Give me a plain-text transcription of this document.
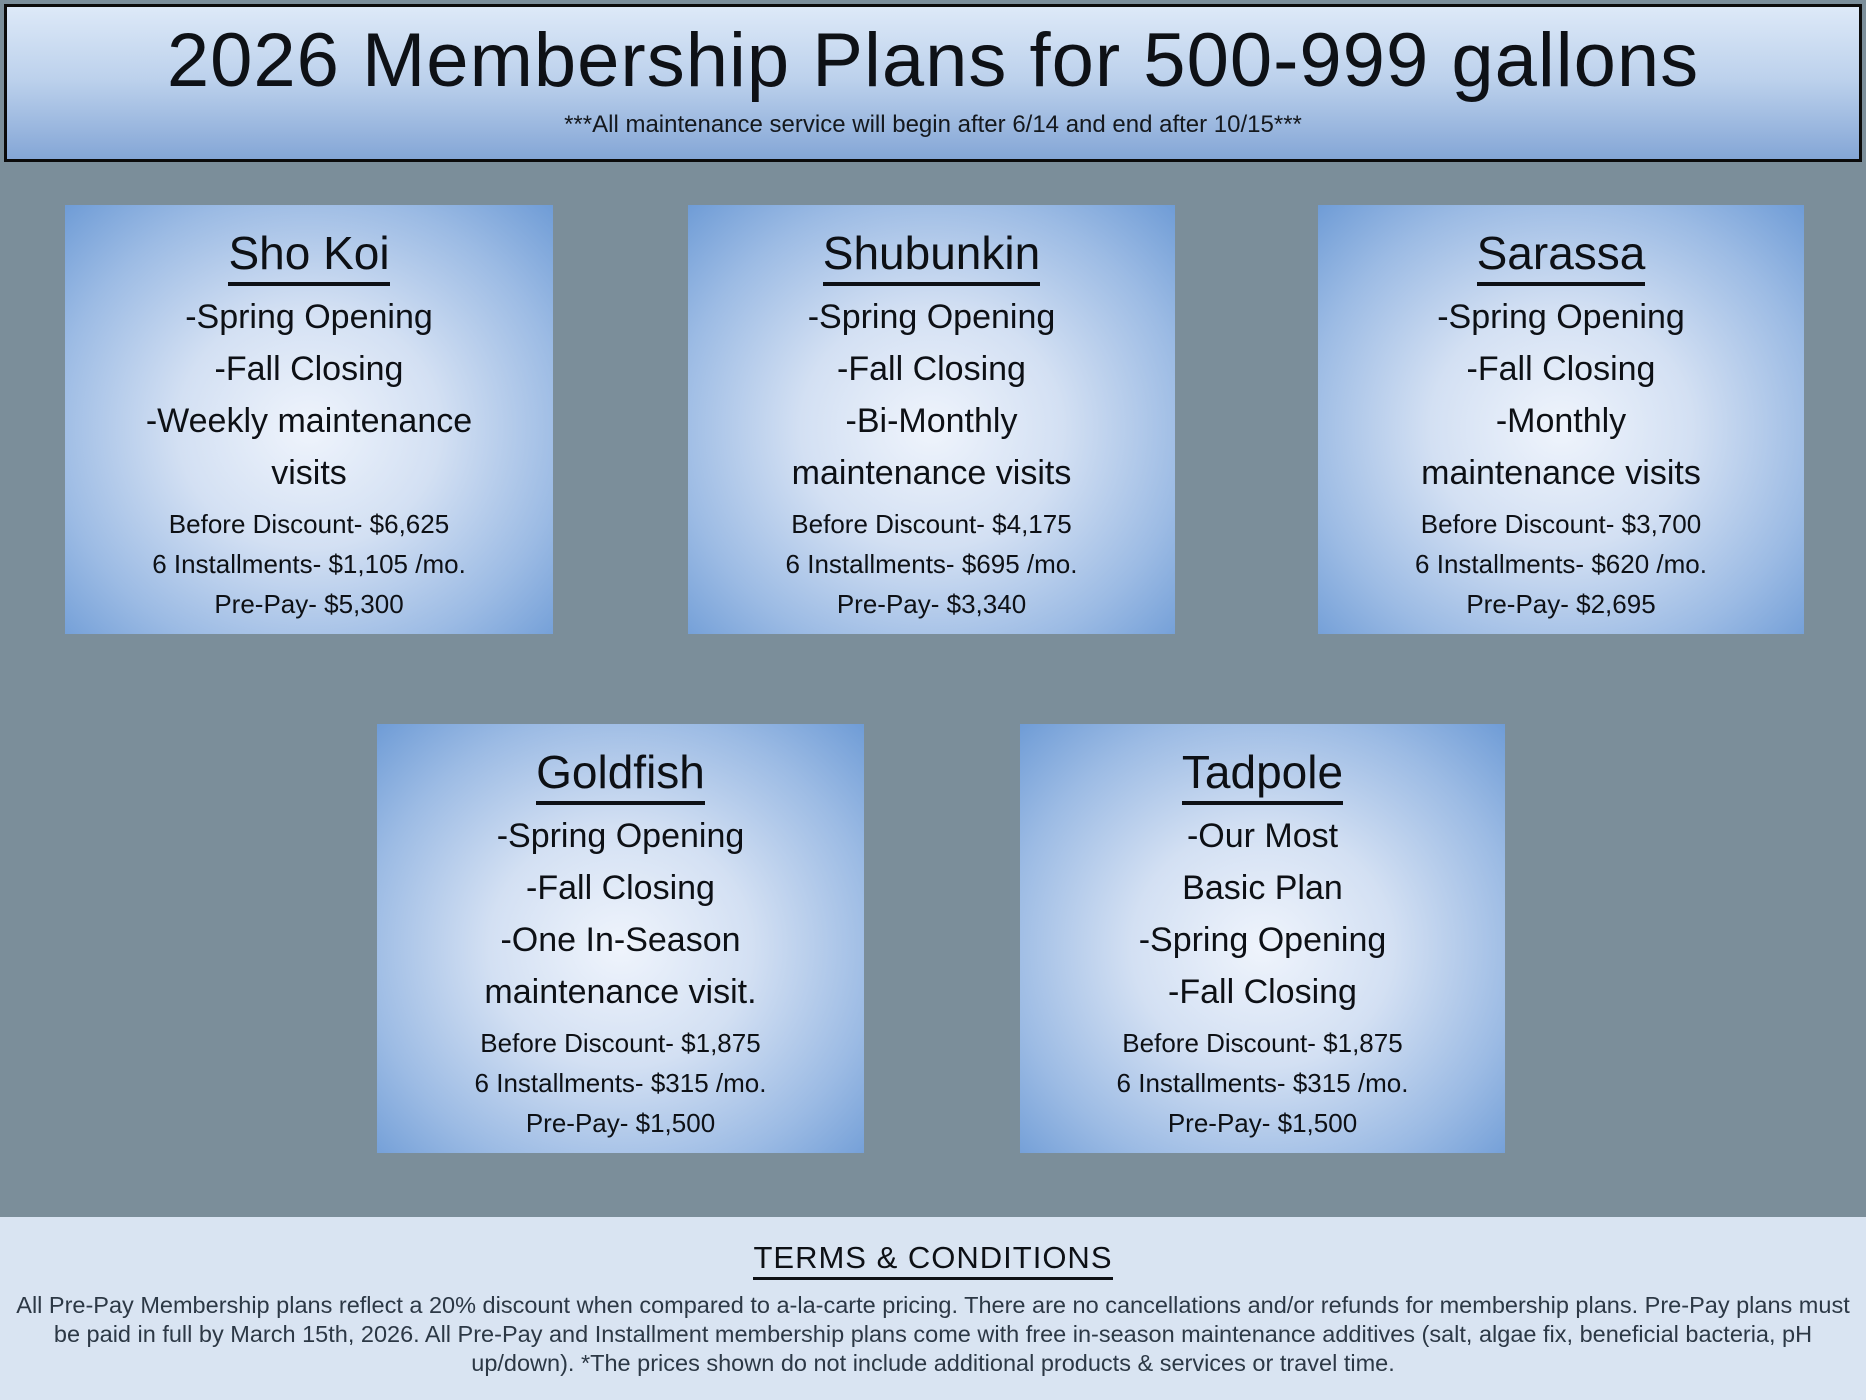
2026 Membership Plans for 500-999 gallons
***All maintenance service will begin after 6/14 and end after 10/15***
Sho Koi
-Spring Opening
-Fall Closing
-Weekly maintenance
visits
Before Discount- $6,625
6 Installments- $1,105 /mo.
Pre-Pay- $5,300
Shubunkin
-Spring Opening
-Fall Closing
-Bi-Monthly
maintenance visits
Before Discount- $4,175
6 Installments- $695 /mo.
Pre-Pay- $3,340
Sarassa
-Spring Opening
-Fall Closing
-Monthly
maintenance visits
Before Discount- $3,700
6 Installments- $620 /mo.
Pre-Pay- $2,695
Goldfish
-Spring Opening
-Fall Closing
-One In-Season
maintenance visit.
Before Discount- $1,875
6 Installments- $315 /mo.
Pre-Pay- $1,500
Tadpole
-Our Most
Basic Plan
-Spring Opening
-Fall Closing
Before Discount- $1,875
6 Installments- $315 /mo.
Pre-Pay- $1,500
TERMS & CONDITIONS
All Pre-Pay Membership plans reflect a 20% discount when compared to a-la-carte pricing. There are no cancellations and/or refunds for membership plans. Pre-Pay plans must be paid in full by March 15th, 2026. All Pre-Pay and Installment membership plans come with free in-season maintenance additives (salt, algae fix, beneficial bacteria, pH up/down). *The prices shown do not include additional products & services or travel time.
